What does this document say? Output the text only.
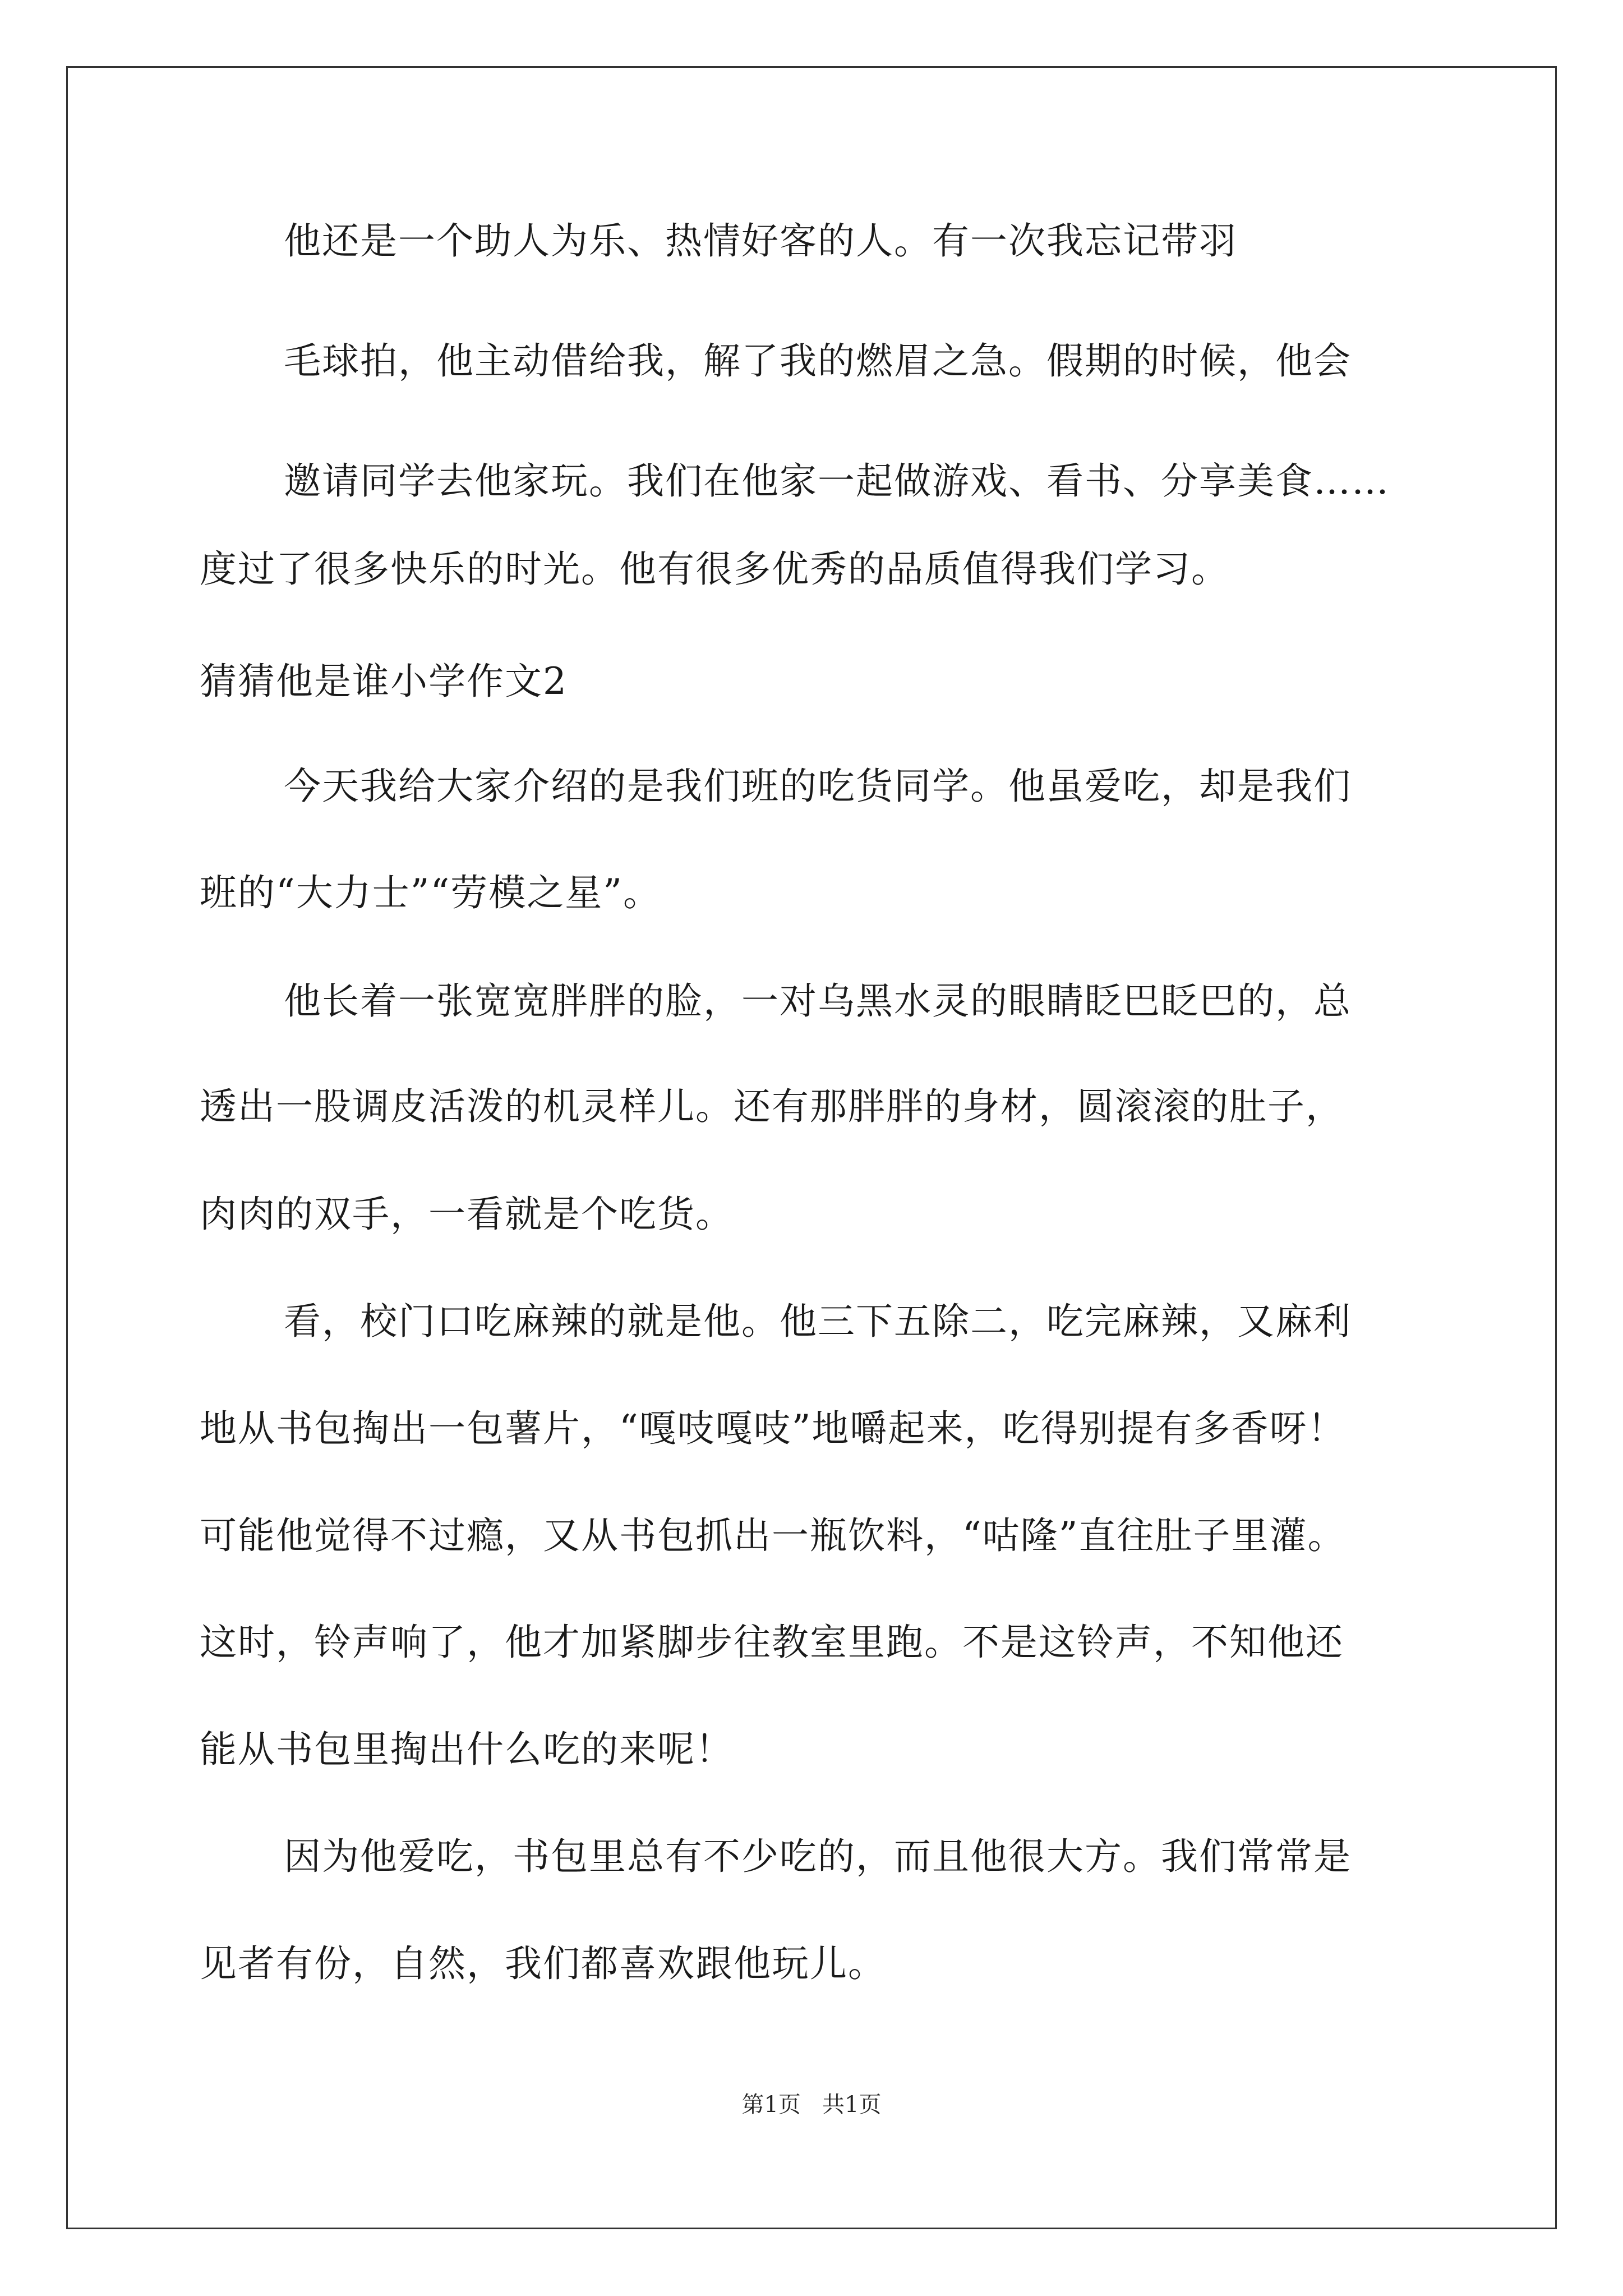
他还是一个助人为乐、热情好客的人。有一次我忘记带羽
毛球拍，他主动借给我，解了我的燃眉之急。假期的时候，他会
邀请同学去他家玩。我们在他家一起做游戏、看书、分享美食……
度过了很多快乐的时光。他有很多优秀的品质值得我们学习。
猜猜他是谁小学作文2
今天我给大家介绍的是我们班的吃货同学。他虽爱吃，却是我们
班的“大力士”“劳模之星”。
他长着一张宽宽胖胖的脸，一对乌黑水灵的眼睛眨巴眨巴的，总
透出一股调皮活泼的机灵样儿。还有那胖胖的身材，圆滚滚的肚子，
肉肉的双手，一看就是个吃货。
看，校门口吃麻辣的就是他。他三下五除二，吃完麻辣，又麻利
地从书包掏出一包薯片，“嘎吱嘎吱”地嚼起来，吃得别提有多香呀！
可能他觉得不过瘾，又从书包抓出一瓶饮料，“咕隆”直往肚子里灌。
这时，铃声响了，他才加紧脚步往教室里跑。不是这铃声，不知他还
能从书包里掏出什么吃的来呢！
因为他爱吃，书包里总有不少吃的，而且他很大方。我们常常是
见者有份，自然，我们都喜欢跟他玩儿。
第1页   共1页
